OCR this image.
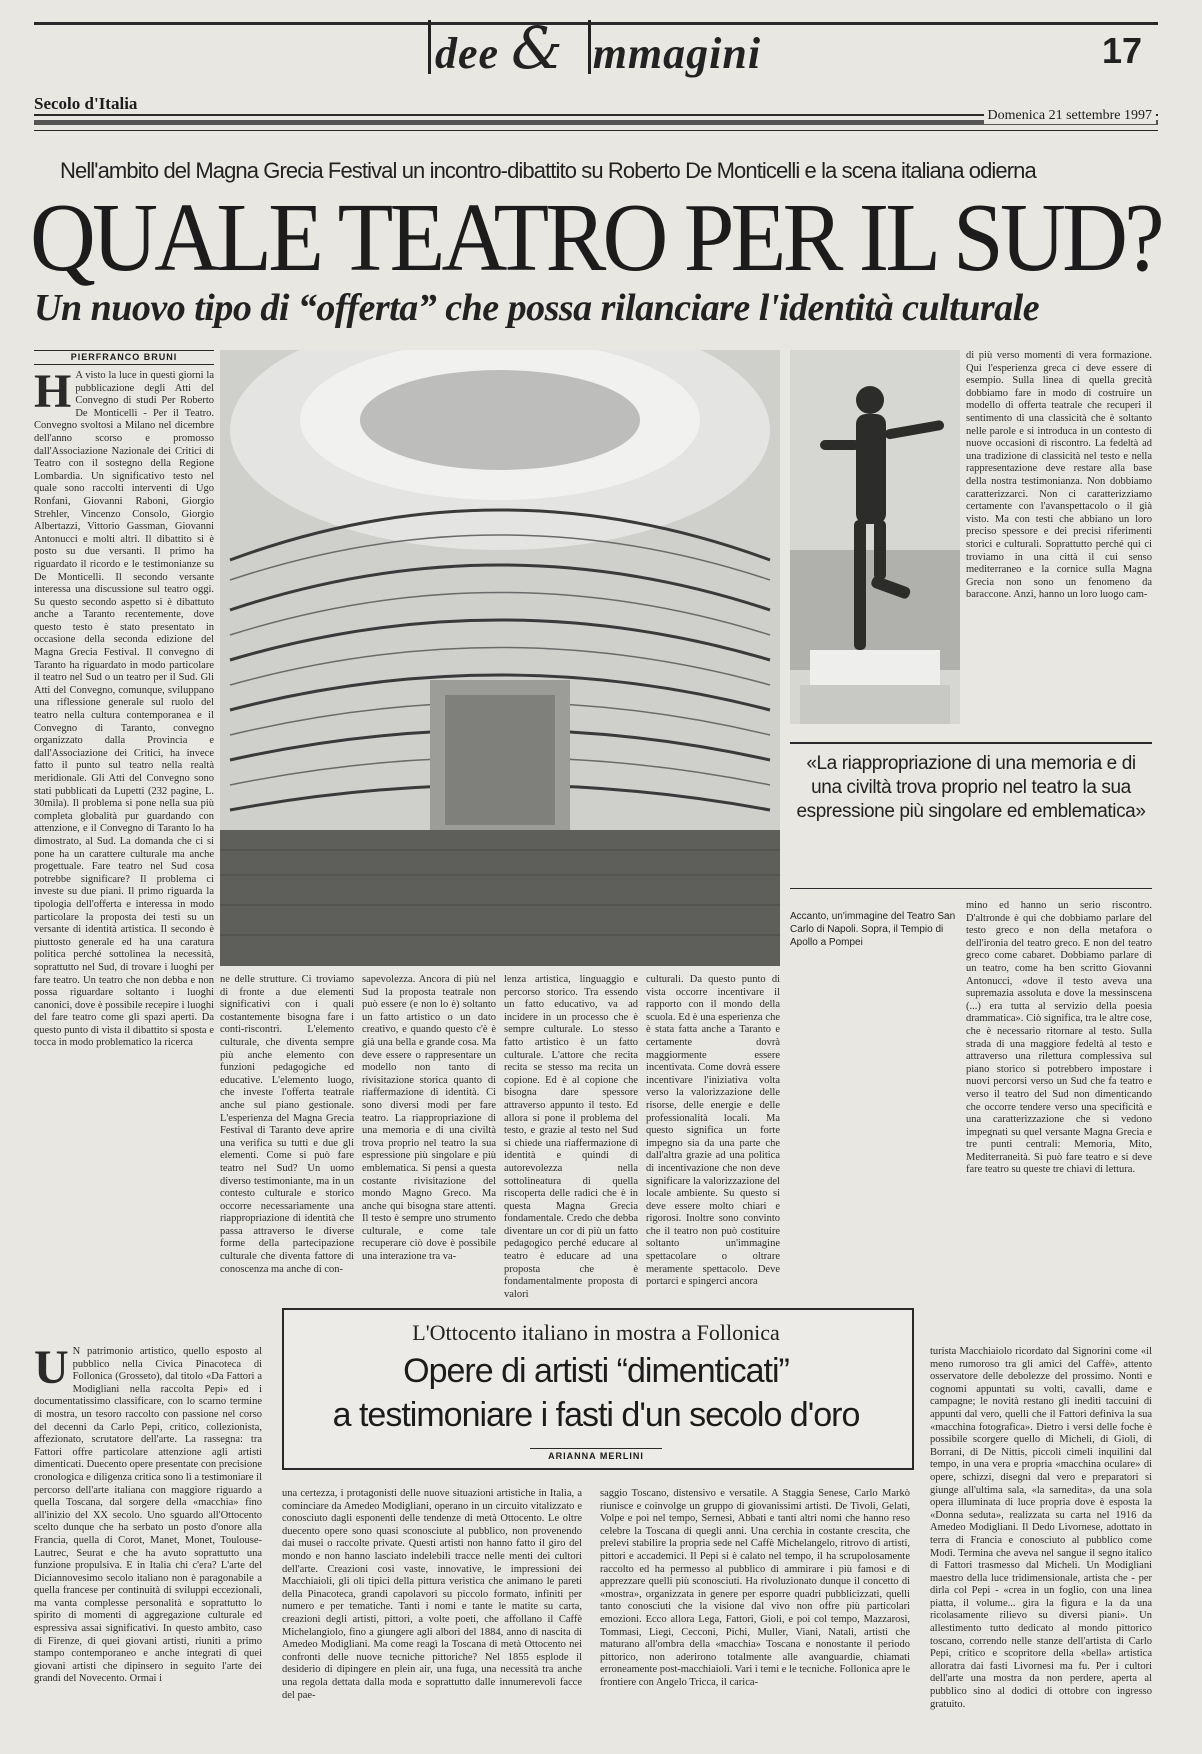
dee & mmagini	17
Secolo d'Italia
Domenica 21 settembre 1997
Nell'ambito del Magna Grecia Festival un incontro-dibattito su Roberto De Monticelli e la scena italiana odierna
QUALE TEATRO PER IL SUD?
Un nuovo tipo di “offerta” che possa rilanciare l'identità culturale
PIERFRANCO BRUNI
H A visto la luce in questi giorni la pubblicazione degli Atti del Convegno di studi Per Roberto De Monticelli - Per il Teatro. Convegno svoltosi a Milano nel dicembre dell'anno scorso e promosso dall'Associazione Nazionale dei Critici di Teatro con il sostegno della Regione Lombardia. Un significativo testo nel quale sono raccolti interventi di Ugo Ronfani, Giovanni Raboni, Giorgio Strehler, Vincenzo Consolo, Giorgio Albertazzi, Vittorio Gassman, Giovanni Antonucci e molti altri. Il dibattito si è posto su due versanti. Il primo ha riguardato il ricordo e le testimonianze su De Monticelli. Il secondo versante interessa una discussione sul teatro oggi. Su questo secondo aspetto si è dibattuto anche a Taranto recentemente, dove questo testo è stato presentato in occasione della seconda edizione del Magna Grecia Festival. Il convegno di Taranto ha riguardato in modo particolare il teatro nel Sud o un teatro per il Sud. Gli Atti del Convegno, comunque, sviluppano una riflessione generale sul ruolo del teatro nella cultura contemporanea e il Convegno di Taranto, convegno organizzato dalla Provincia e dall'Associazione dei Critici, ha invece fatto il punto sul teatro nella realtà meridionale. Gli Atti del Convegno sono stati pubblicati da Lupetti (232 pagine, L. 30mila). Il problema si pone nella sua più completa globalità pur guardando con attenzione, e il Convegno di Taranto lo ha dimostrato, al Sud. La domanda che ci si pone ha un carattere culturale ma anche progettuale. Fare teatro nel Sud cosa potrebbe significare? Il problema ci investe su due piani. Il primo riguarda la tipologia dell'offerta e interessa in modo particolare la proposta dei testi su un versante di identità artistica. Il secondo è piuttosto generale ed ha una caratura politica perché sottolinea la necessità, soprattutto nel Sud, di trovare i luoghi per fare teatro. Un teatro che non debba e non possa riguardare soltanto i luoghi canonici, dove è possibile recepire i luoghi del fare teatro come gli spazi aperti. Da questo punto di vista il dibattito si sposta e tocca in modo problematico la ricerca
di più verso momenti di vera formazione. Qui l'esperienza greca ci deve essere di esempio. Sulla linea di quella grecità dobbiamo fare in modo di costruire un modello di offerta teatrale che recuperi il sentimento di una classicità che è soltanto nelle parole e si introduca in un contesto di nuove occasioni di riscontro. La fedeltà ad una tradizione di classicità nel testo e nella rappresentazione deve restare alla base della nostra testimonianza. Non dobbiamo caratterizzarci. Non ci caratterizziamo certamente con l'avanspettacolo o il già visto. Ma con testi che abbiano un loro preciso spessore e dei precisi riferimenti storici e culturali. Soprattutto perché qui ci troviamo in una città il cui senso mediterraneo e la cornice sulla Magna Grecia non sono un fenomeno da baraccone. Anzi, hanno un loro luogo cam-
«La riappropriazione di una memoria e di una civiltà trova proprio nel teatro la sua espressione più singolare ed emblematica»
Accanto, un'immagine del Teatro San Carlo di Napoli. Sopra, il Tempio di Apollo a Pompei
mino ed hanno un serio riscontro. D'altronde è qui che dobbiamo parlare del testo greco e non della metafora o dell'ironia del teatro greco. E non del teatro greco come cabaret. Dobbiamo parlare di un teatro, come ha ben scritto Giovanni Antonucci, «dove il testo aveva una supremazia assoluta e dove la messinscena (...) era tutta al servizio della poesia drammatica». Ciò significa, tra le altre cose, che è necessario ritornare al testo. Sulla strada di una maggiore fedeltà al testo e attraverso una rilettura complessiva sul piano storico si potrebbero impostare i nuovi percorsi verso un Sud che fa teatro e verso il teatro del Sud non dimenticando che occorre tendere verso una specificità e una caratterizzazione che si vedono impegnati su quel versante Magna Grecia e tre punti centrali: Memoria, Mito, Mediterraneità. Si può fare teatro e si deve fare teatro su queste tre chiavi di lettura.
ne delle strutture. Ci troviamo di fronte a due elementi significativi con i quali costantemente bisogna fare i conti-riscontri. L'elemento culturale, che diventa sempre più anche elemento con funzioni pedagogiche ed educative. L'elemento luogo, che investe l'offerta teatrale anche sul piano gestionale. L'esperienza del Magna Grecia Festival di Taranto deve aprire una verifica su tutti e due gli elementi. Come si può fare teatro nel Sud? Un uomo diverso testimoniante, ma in un contesto culturale e storico occorre necessariamente una riappropriazione di identità che passa attraverso le diverse forme della partecipazione culturale che diventa fattore di conoscenza ma anche di con-
sapevolezza. Ancora di più nel Sud la proposta teatrale non può essere (e non lo è) soltanto un fatto artistico o un dato creativo, e quando questo c'è è già una bella e grande cosa. Ma deve essere o rappresentare un modello non tanto di rivisitazione storica quanto di riaffermazione di identità. Ci sono diversi modi per fare teatro. La riappropriazione di una memoria e di una civiltà trova proprio nel teatro la sua espressione più singolare e più emblematica. Si pensi a questa costante rivisitazione del mondo Magno Greco. Ma anche qui bisogna stare attenti. Il testo è sempre uno strumento culturale, e come tale recuperare ciò dove è possibile una interazione tra va-
lenza artistica, linguaggio e percorso storico. Tra essendo un fatto educativo, va ad incidere in un processo che è sempre culturale. Lo stesso fatto artistico è un fatto culturale. L'attore che recita recita se stesso ma recita un copione. Ed è al copione che bisogna dare spessore attraverso appunto il testo. Ed allora si pone il problema del testo, e grazie al testo nel Sud si chiede una riaffermazione di identità e quindi di autorevolezza nella sottolineatura di quella riscoperta delle radici che è in questa Magna Grecia fondamentale. Credo che debba diventare un cor di più un fatto pedagogico perché educare al teatro è educare ad una proposta che è fondamentalmente proposta di valori
culturali. Da questo punto di vista occorre incentivare il rapporto con il mondo della scuola. Ed è una esperienza che è stata fatta anche a Taranto e certamente dovrà maggiormente essere incentivata. Come dovrà essere incentivare l'iniziativa volta verso la valorizzazione delle risorse, delle energie e delle professionalità locali. Ma questo significa un forte impegno sia da una parte che dall'altra grazie ad una politica di incentivazione che non deve significare la valorizzazione del locale ambiente. Su questo si deve essere molto chiari e rigorosi. Inoltre sono convinto che il teatro non può costituire soltanto un'immagine spettacolare o oltrare meramente spettacolo. Deve portarci e spingerci ancora
L'Ottocento italiano in mostra a Follonica
Opere di artisti “dimenticati”
a testimoniare i fasti d'un secolo d'oro
ARIANNA MERLINI
U N patrimonio artistico, quello esposto al pubblico nella Civica Pinacoteca di Follonica (Grosseto), dal titolo «Da Fattori a Modigliani nella raccolta Pepi» ed i documentatissimo classificare, con lo scarno termine di mostra, un tesoro raccolto con passione nel corso del decenni da Carlo Pepi, critico, collezionista, affezionato, scrutatore dell'arte. La rassegna: tra Fattori offre particolare attenzione agli artisti dimenticati. Duecento opere presentate con precisione cronologica e diligenza critica sono lì a testimoniare il percorso dell'arte italiana con maggiore riguardo a quella Toscana, dal sorgere della «macchia» fino all'inizio del XX secolo. Uno sguardo all'Ottocento scelto dunque che ha serbato un posto d'onore alla Francia, quella di Corot, Manet, Monet, Toulouse-Lautrec, Seurat e che ha avuto soprattutto una funzione propulsiva. E in Italia chi c'era? L'arte del Diciannovesimo secolo italiano non è paragonabile a quella francese per continuità di sviluppi eccezionali, ma vanta complesse personalità e soprattutto lo spirito di momenti di aggregazione culturale ed espressiva assai significativi. In questo ambito, caso di Firenze, di quei giovani artisti, riuniti a primo stampo contemporaneo e anche integrati di quei giovani artisti che dipinsero in seguito l'arte dei grandi del Novecento. Ormai i
una certezza, i protagonisti delle nuove situazioni artistiche in Italia, a cominciare da Amedeo Modigliani, operano in un circuito vitalizzato e conosciuto dagli esponenti delle tendenze di metà Ottocento. Le oltre duecento opere sono quasi sconosciute al pubblico, non provenendo dai musei o raccolte private. Questi artisti non hanno fatto il giro del mondo e non hanno lasciato indelebili tracce nelle menti dei cultori dell'arte. Creazioni così vaste, innovative, le impressioni dei Macchiaioli, gli oli tipici della pittura veristica che animano le pareti della Pinacoteca, grandi capolavori su piccolo formato, infiniti per numero e per tematiche. Tanti i nomi e tante le matite su carta, creazioni degli artisti, pittori, a volte poeti, che affollano il Caffè Michelangiolo, fino a giungere agli albori del 1884, anno di nascita di Amedeo Modigliani. Ma come reagì la Toscana di metà Ottocento nei confronti delle nuove tecniche pittoriche? Nel 1855 esplode il desiderio di dipingere en plein air, una fuga, una necessità tra anche una regola dettata dalla moda e soprattutto dalle innumerevoli facce del pae-
saggio Toscano, distensivo e versatile. A Staggia Senese, Carlo Markò riunisce e coinvolge un gruppo di giovanissimi artisti. De Tivoli, Gelati, Volpe e poi nel tempo, Sernesi, Abbati e tanti altri nomi che hanno reso celebre la Toscana di quegli anni. Una cerchia in costante crescita, che prelevi stabilire la propria sede nel Caffè Michelangelo, ritrovo di artisti, pittori e accademici. Il Pepi si è calato nel tempo, il ha scrupolosamente raccolto ed ha permesso al pubblico di ammirare i più famosi e di apprezzare quelli più sconosciuti. Ha rivoluzionato dunque il concetto di «mostra», organizzata in genere per esporre quadri pubblicizzati, quelli tanto conosciuti che la visione dal vivo non offre più particolari emozioni. Ecco allora Lega, Fattori, Gioli, e poi col tempo, Mazzarosi, Tommasi, Liegi, Cecconi, Pichi, Muller, Viani, Natali, artisti che maturano all'ombra della «macchia» Toscana e nonostante il periodo pittorico, non aderirono totalmente alle avanguardie, chiamati erroneamente post-macchiaioli. Vari i temi e le tecniche. Follonica apre le frontiere con Angelo Tricca, il carica-
turista Macchiaiolo ricordato dal Signorini come «il meno rumoroso tra gli amici del Caffè», attento osservatore delle debolezze del prossimo. Nonti e cognomi appuntati su volti, cavalli, dame e campagne; le novità restano gli inediti taccuini di appunti dal vero, quelli che il Fattori definiva la sua «macchina fotografica». Dietro i versi delle foche è possibile scorgere quello di Micheli, di Gioli, di Borrani, di De Nittis, piccoli cimeli inquilini dal tempo, in una vera e propria «macchina oculare» di opere, schizzi, disegni dal vero e preparatori si giunge all'ultima sala, «la sarnedita», da una sola opera illuminata di luce propria dove è esposta la «Donna seduta», realizzata su carta nel 1916 da Amedeo Modigliani. Il Dedo Livornese, adottato in terra di Francia e conosciuto al pubblico come Modì. Termina che aveva nel sangue il segno italico di Fattori trasmesso dal Micheli. Un Modigliani maestro della luce tridimensionale, artista che - per dirla col Pepi - «crea in un foglio, con una linea piatta, il volume... gira la figura e la da una ricolasamente rilievo su diversi piani». Un allestimento tutto dedicato al mondo pittorico toscano, correndo nelle stanze dell'artista di Carlo Pepi, critico e scopritore della «bella» artistica alloratra dai fasti Livornesi ma fu. Per i cultori dell'arte una mostra da non perdere, aperta al pubblico sino al dodici di ottobre con ingresso gratuito.
